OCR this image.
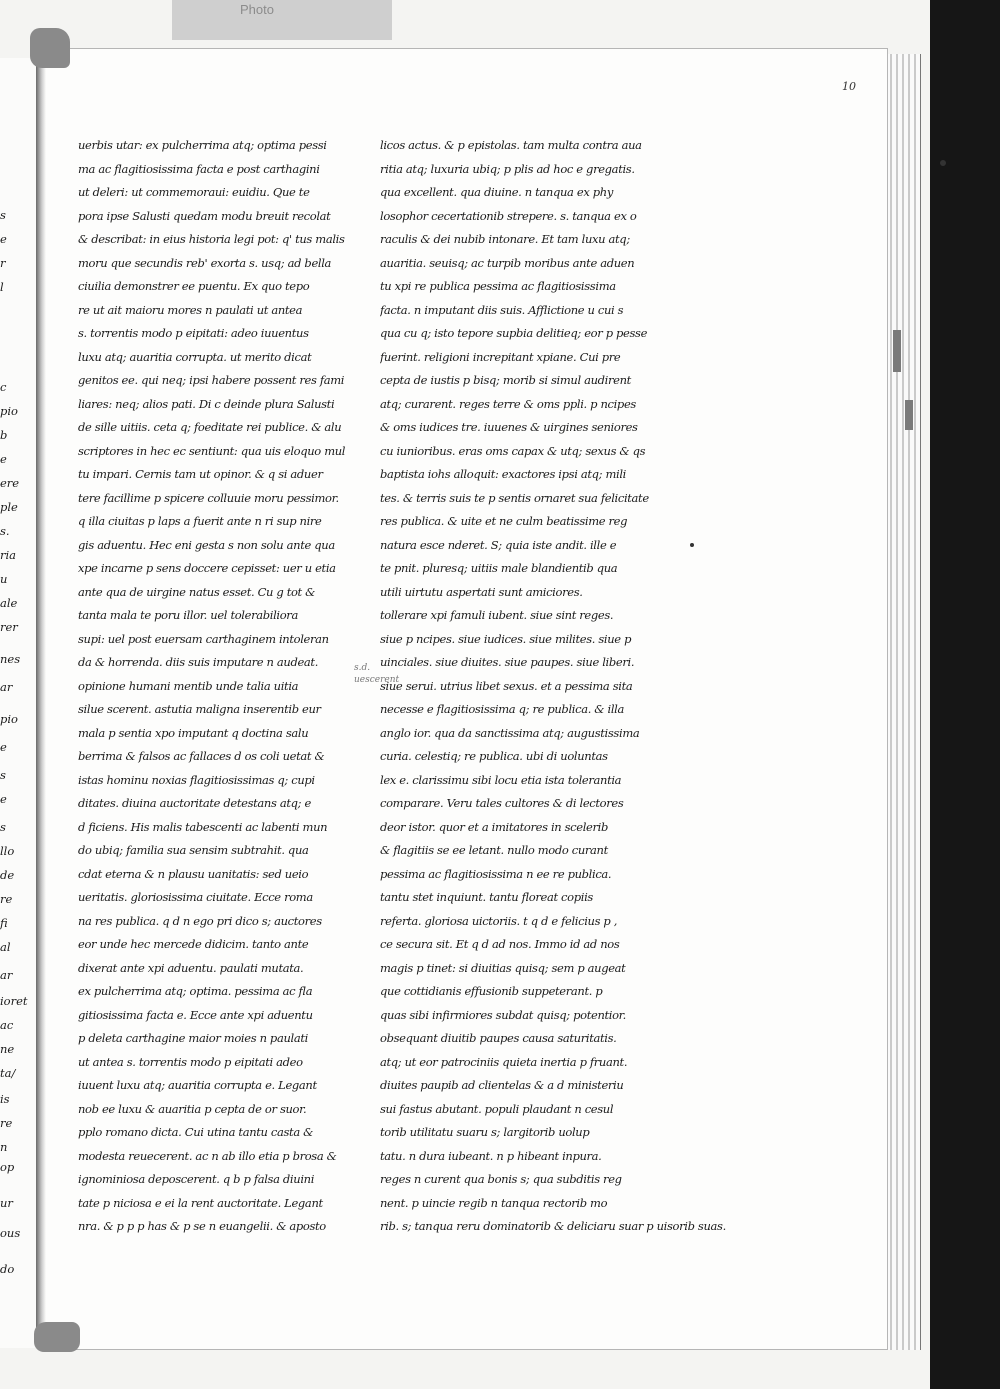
Photo
10
s
e
r
l
c
pio
b
e
ere
ple
s.
ria
u
ale
rer
nes
ar
pio
e
s
e
s
llo
de
re
fi
al
ar
ioret
ac
ne
ta/
is
re
n
op
ur
ous
do
uerbis utar: ex pulcherrima atq; optima pessi
ma ac flagitiosissima facta e post carthagini
ut deleri: ut commemoraui: euidiu. Que te
pora ipse Salusti quedam modu breuit recolat
& describat: in eius historia legi pot: q' tus malis
moru que secundis reb' exorta s. usq; ad bella
ciuilia demonstrer ee puentu. Ex quo tepo
re ut ait maioru mores n paulati ut antea
s. torrentis modo p eipitati: adeo iuuentus
luxu atq; auaritia corrupta. ut merito dicat
genitos ee. qui neq; ipsi habere possent res fami
liares: neq; alios pati. Di c deinde plura Salusti
de sille uitiis. ceta q; foeditate rei publice. & alu
scriptores in hec ec sentiunt: qua uis eloquo mul
tu impari. Cernis tam ut opinor. & q si aduer
tere facillime p spicere colluuie moru pessimor.
q illa ciuitas p laps a fuerit ante n ri sup nire
gis aduentu. Hec eni gesta s non solu ante qua
xpe incarne p sens doccere cepisset: uer u etia
ante qua de uirgine natus esset. Cu g tot &
tanta mala te poru illor. uel tolerabiliora
supi: uel post euersam carthaginem intoleran
da & horrenda. diis suis imputare n audeat.
opinione humani mentib unde talia uitia
silue scerent. astutia maligna inserentib eur
mala p sentia xpo imputant q doctina salu
berrima & falsos ac fallaces d os coli uetat &
istas hominu noxias flagitiosissimas q; cupi
ditates. diuina auctoritate detestans atq; e
d ficiens. His malis tabescenti ac labenti mun
do ubiq; familia sua sensim subtrahit. qua
cdat eterna & n plausu uanitatis: sed ueio
ueritatis. gloriosissima ciuitate. Ecce roma
na res publica. q d n ego pri dico s; auctores
eor unde hec mercede didicim. tanto ante
dixerat ante xpi aduentu. paulati mutata.
ex pulcherrima atq; optima. pessima ac fla
gitiosissima facta e. Ecce ante xpi aduentu
p deleta carthagine maior moies n paulati
ut antea s. torrentis modo p eipitati adeo
iuuent luxu atq; auaritia corrupta e. Legant
nob ee luxu & auaritia p cepta de or suor.
pplo romano dicta. Cui utina tantu casta &
modesta reuecerent. ac n ab illo etia p brosa &
ignominiosa deposcerent. q b p falsa diuini
tate p niciosa e ei la rent auctoritate. Legant
nra. & p p p has & p se n euangelii. & aposto
licos actus. & p epistolas. tam multa contra aua
ritia atq; luxuria ubiq; p plis ad hoc e gregatis.
qua excellent. qua diuine. n tanqua ex phy
losophor cecertationib strepere. s. tanqua ex o
raculis & dei nubib intonare. Et tam luxu atq;
auaritia. seuisq; ac turpib moribus ante aduen
tu xpi re publica pessima ac flagitiosissima
facta. n imputant diis suis. Afflictione u cui s
qua cu q; isto tepore supbia delitieq; eor p pesse
fuerint. religioni increpitant xpiane. Cui pre
cepta de iustis p bisq; morib si simul audirent
atq; curarent. reges terre & oms ppli. p ncipes
& oms iudices tre. iuuenes & uirgines seniores
cu iunioribus. eras oms capax & utq; sexus & qs
baptista iohs alloquit: exactores ipsi atq; mili
tes. & terris suis te p sentis ornaret sua felicitate
res publica. & uite et ne culm beatissime reg
natura esce nderet. S; quia iste andit. ille e
te pnit. pluresq; uitiis male blandientib qua
utili uirtutu aspertati sunt amiciores.
tollerare xpi famuli iubent. siue sint reges.
siue p ncipes. siue iudices. siue milites. siue p
uinciales. siue diuites. siue paupes. siue liberi.
siue serui. utrius libet sexus. et a pessima sita
necesse e flagitiosissima q; re publica. & illa
anglo ior. qua da sanctissima atq; augustissima
curia. celestiq; re publica. ubi di uoluntas
lex e. clarissimu sibi locu etia ista tolerantia
comparare. Veru tales cultores & di lectores
deor istor. quor et a imitatores in scelerib
& flagitiis se ee letant. nullo modo curant
pessima ac flagitiosissima n ee re publica.
tantu stet inquiunt. tantu floreat copiis
referta. gloriosa uictoriis. t q d e felicius p ,
ce secura sit. Et q d ad nos. Immo id ad nos
magis p tinet: si diuitias quisq; sem p augeat
que cottidianis effusionib suppeterant. p
quas sibi infirmiores subdat quisq; potentior.
obsequant diuitib paupes causa saturitatis.
atq; ut eor patrociniis quieta inertia p fruant.
diuites paupib ad clientelas & a d ministeriu
sui fastus abutant. populi plaudant n cesul
torib utilitatu suaru s; largitorib uolup
tatu. n dura iubeant. n p hibeant inpura.
reges n curent qua bonis s; qua subditis reg
nent. p uincie regib n tanqua rectorib mo
rib. s; tanqua reru dominatorib & deliciaru suar p uisorib suas.
s.d.
uescerent
